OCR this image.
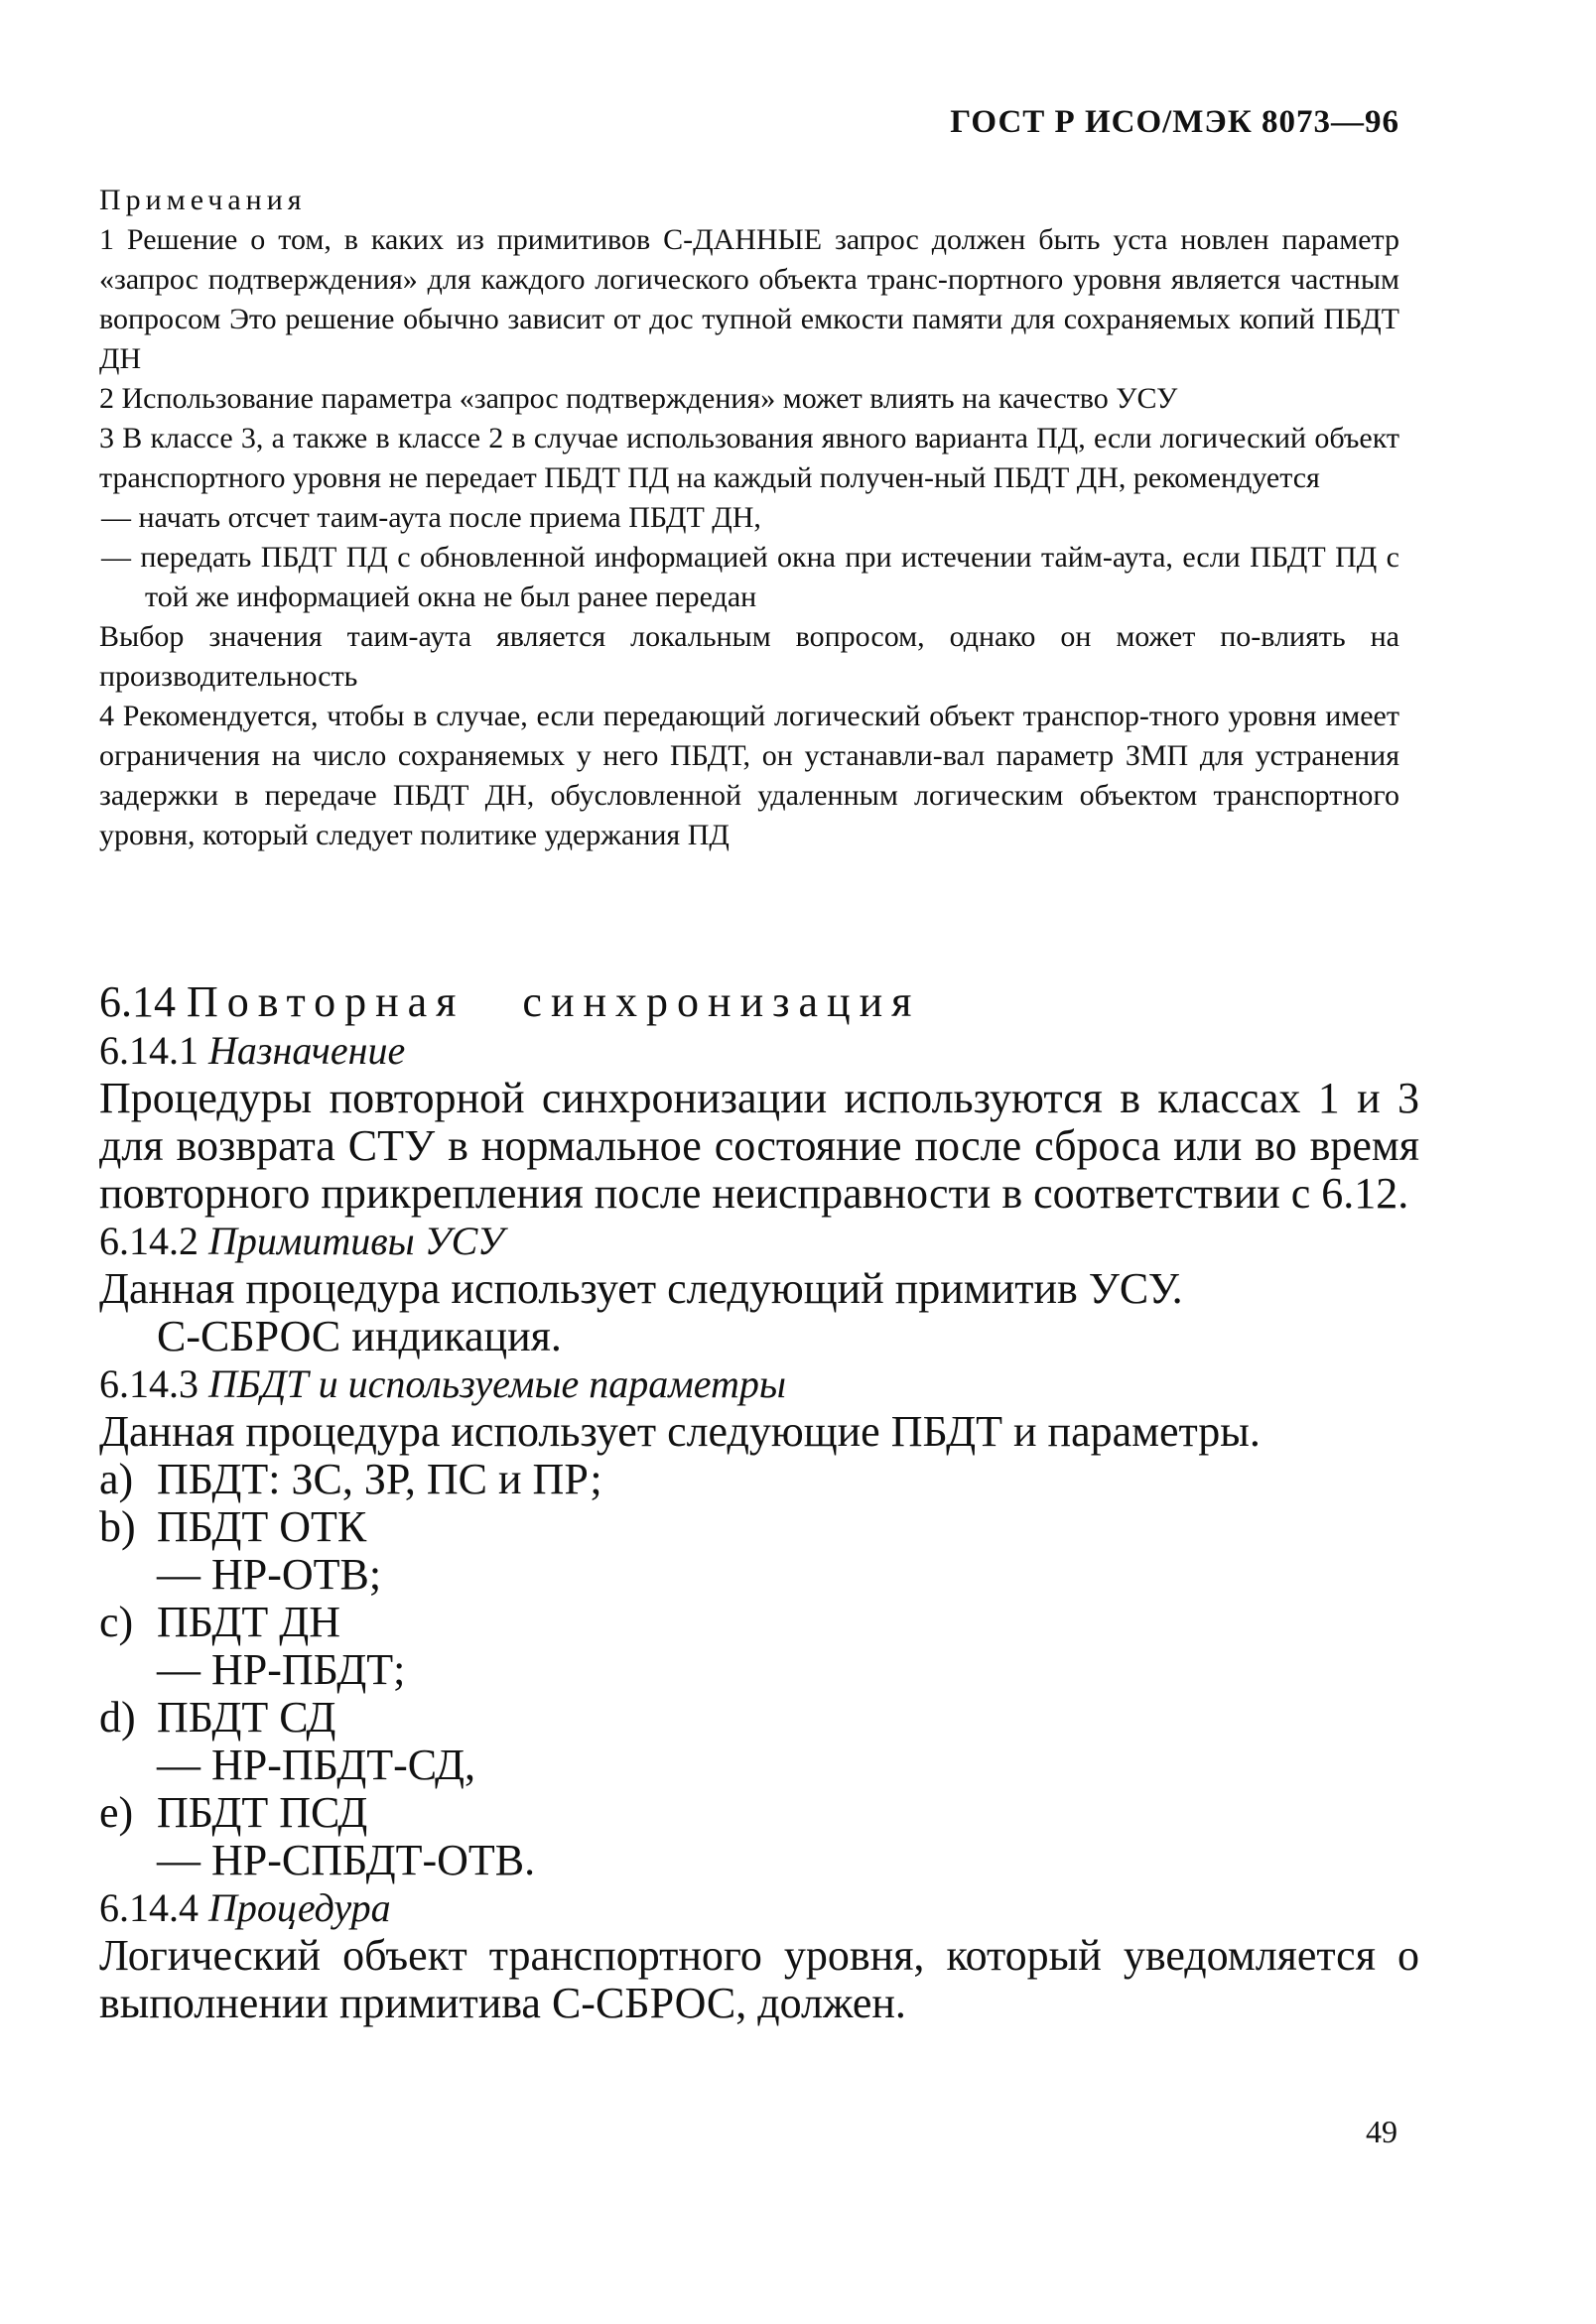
ГОСТ Р ИСО/МЭК 8073—96

Примечания

1 Решение о том, в каких из примитивов С-ДАННЫЕ запрос должен быть уста новлен параметр «запрос подтверждения» для каждого логического объекта транс-портного уровня является частным вопросом Это решение обычно зависит от дос тупной емкости памяти для сохраняемых копий ПБДТ ДН

2 Использование параметра «запрос подтверждения» может влиять на качество УСУ

3 В классе 3, а также в классе 2 в случае использования явного варианта ПД, если логический объект транспортного уровня не передает ПБДТ ПД на каждый получен-ный ПБДТ ДН, рекомендуется

— начать отсчет таим-аута после приема ПБДТ ДН,

— передать ПБДТ ПД с обновленной информацией окна при истечении тайм-аута, если ПБДТ ПД с той же информацией окна не был ранее передан

Выбор значения таим-аута является локальным вопросом, однако он может по-влиять на производительность

4 Рекомендуется, чтобы в случае, если передающий логический объект транспор-тного уровня имеет ограничения на число сохраняемых у него ПБДТ, он устанавли-вал параметр ЗМП для устранения задержки в передаче ПБДТ ДН, обусловленной удаленным логическим объектом транспортного уровня, который следует политике удержания ПД

6.14 Повторная синхронизация

6.14.1 Назначение

Процедуры повторной синхронизации используются в классах 1 и 3 для возврата СТУ в нормальное состояние после сброса или во время повторного прикрепления после неисправности в соответствии с 6.12.

6.14.2 Примитивы УСУ

Данная процедура использует следующий примитив УСУ.

С-СБРОС индикация.

6.14.3 ПБДТ и используемые параметры

Данная процедура использует следующие ПБДТ и параметры.

a) ПБДТ: ЗС, ЗР, ПС и ПР;
b) ПБДТ ОТК

— НР-ОТВ;

c) ПБДТ ДН

— НР-ПБДТ;

d) ПБДТ СД

— НР-ПБДТ-СД,

e) ПБДТ ПСД

— НР-СПБДТ-ОТВ.

6.14.4 Процедура

Логический объект транспортного уровня, который уведомляется о выполнении примитива С-СБРОС, должен.

49
